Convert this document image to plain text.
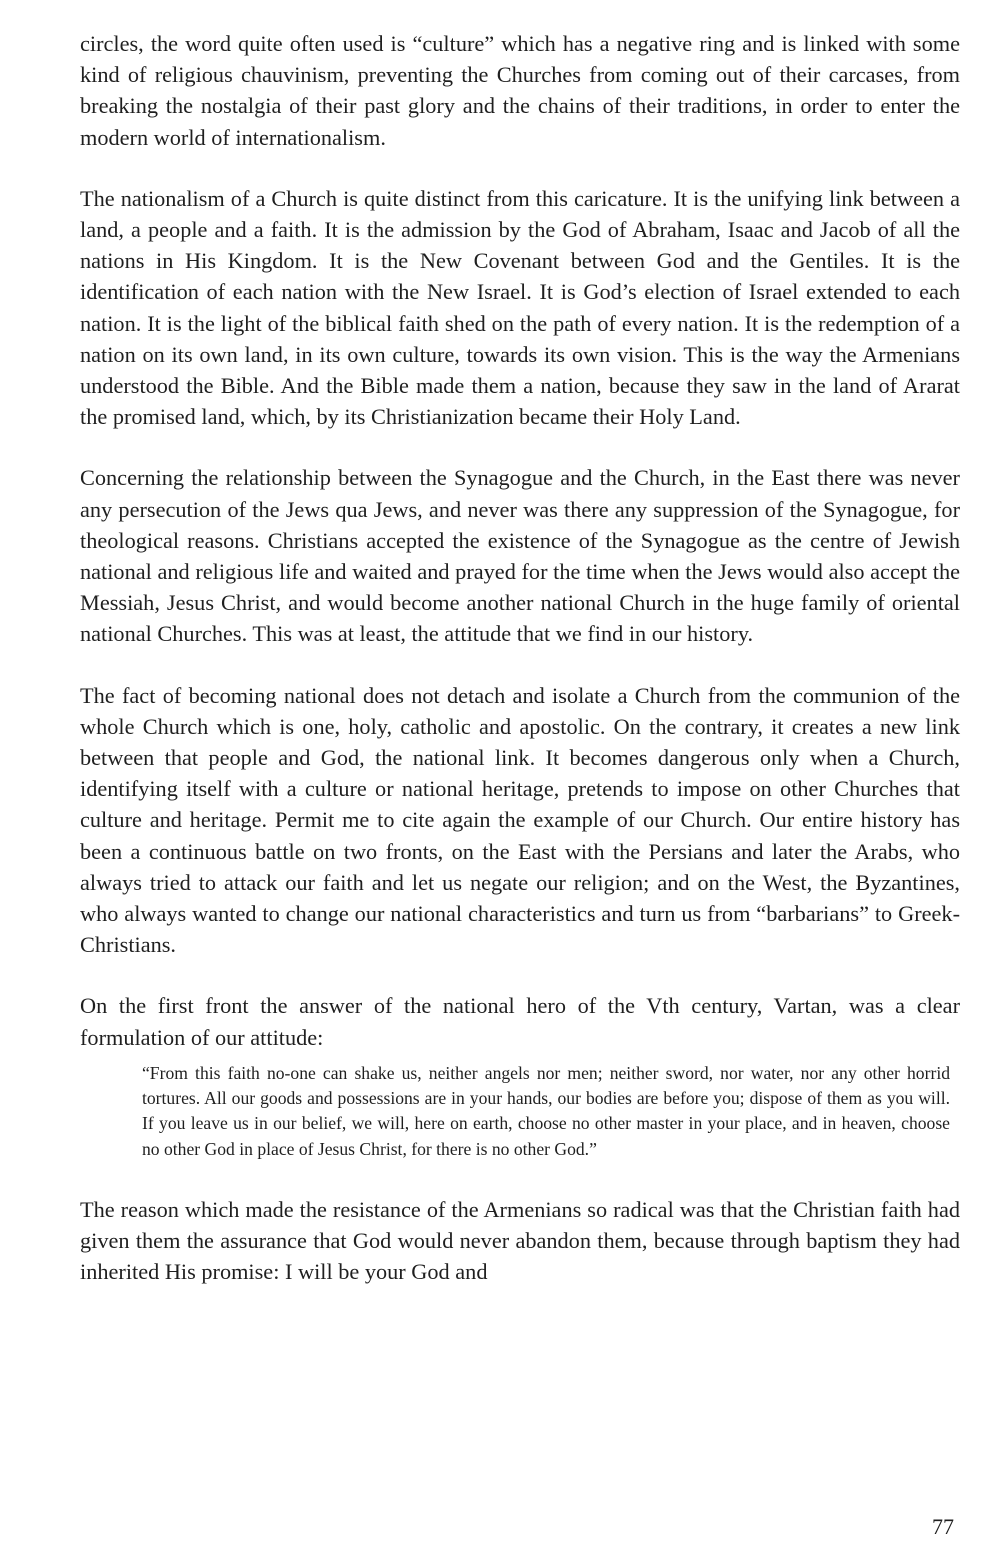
circles, the word quite often used is “culture” which has a negative ring and is linked with some kind of religious chauvinism, preventing the Churches from coming out of their carcases, from breaking the nostalgia of their past glory and the chains of their traditions, in order to enter the modern world of internationalism.

The nationalism of a Church is quite distinct from this caricature. It is the unifying link between a land, a people and a faith. It is the admission by the God of Abraham, Isaac and Jacob of all the nations in His Kingdom. It is the New Covenant between God and the Gentiles. It is the identification of each nation with the New Israel. It is God’s election of Israel extended to each nation. It is the light of the biblical faith shed on the path of every nation. It is the redemption of a nation on its own land, in its own culture, towards its own vision. This is the way the Armenians understood the Bible. And the Bible made them a nation, because they saw in the land of Ararat the promised land, which, by its Christianization became their Holy Land.

Concerning the relationship between the Synagogue and the Church, in the East there was never any persecution of the Jews qua Jews, and never was there any suppression of the Synagogue, for theological reasons. Christians accepted the existence of the Synagogue as the centre of Jewish national and religious life and waited and prayed for the time when the Jews would also accept the Messiah, Jesus Christ, and would become another national Church in the huge family of oriental national Churches. This was at least, the attitude that we find in our history.

The fact of becoming national does not detach and isolate a Church from the communion of the whole Church which is one, holy, catholic and apostolic. On the contrary, it creates a new link between that people and God, the national link. It becomes dangerous only when a Church, identifying itself with a culture or national heritage, pretends to impose on other Churches that culture and heritage. Permit me to cite again the example of our Church. Our entire history has been a continuous battle on two fronts, on the East with the Persians and later the Arabs, who always tried to attack our faith and let us negate our religion; and on the West, the Byzantines, who always wanted to change our national characteristics and turn us from “barbarians” to Greek-Christians.

On the first front the answer of the national hero of the Vth century, Vartan, was a clear formulation of our attitude:

“From this faith no-one can shake us, neither angels nor men; neither sword, nor water, nor any other horrid tortures. All our goods and possessions are in your hands, our bodies are before you; dispose of them as you will. If you leave us in our belief, we will, here on earth, choose no other master in your place, and in heaven, choose no other God in place of Jesus Christ, for there is no other God.”

The reason which made the resistance of the Armenians so radical was that the Christian faith had given them the assurance that God would never abandon them, because through baptism they had inherited His promise: I will be your God and

77
